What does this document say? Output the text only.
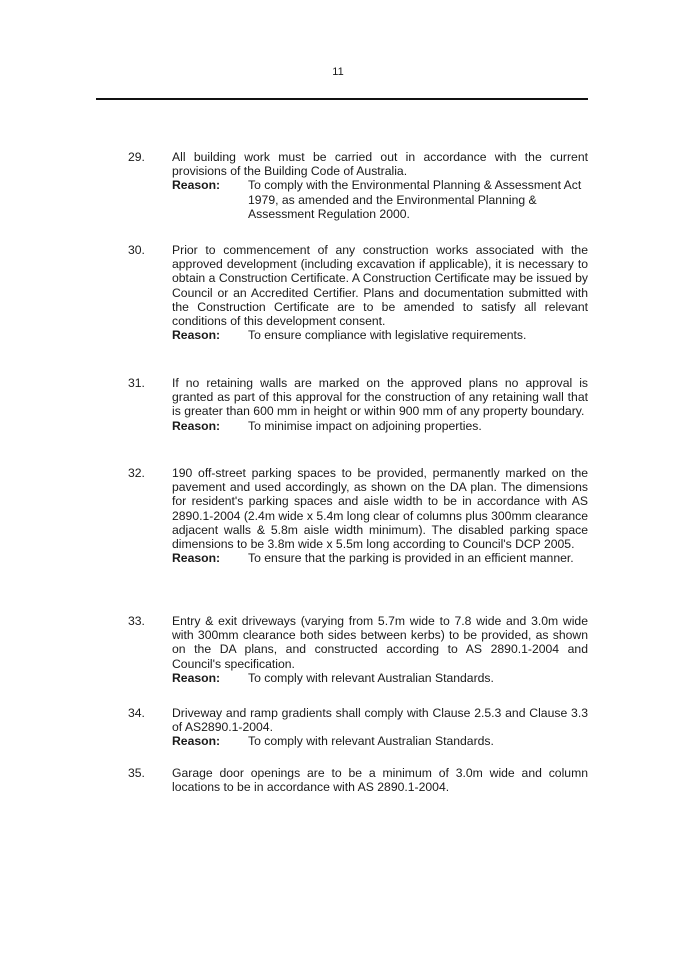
11
29.	All building work must be carried out in accordance with the current provisions of the Building Code of Australia.
Reason:	To comply with the Environmental Planning & Assessment Act 1979, as amended and the Environmental Planning & Assessment Regulation 2000.
30.	Prior to commencement of any construction works associated with the approved development (including excavation if applicable), it is necessary to obtain a Construction Certificate. A Construction Certificate may be issued by Council or an Accredited Certifier. Plans and documentation submitted with the Construction Certificate are to be amended to satisfy all relevant conditions of this development consent.
Reason:	To ensure compliance with legislative requirements.
31.	If no retaining walls are marked on the approved plans no approval is granted as part of this approval for the construction of any retaining wall that is greater than 600 mm in height or within 900 mm of any property boundary.
Reason:	To minimise impact on adjoining properties.
32.	190 off-street parking spaces to be provided, permanently marked on the pavement and used accordingly, as shown on the DA plan. The dimensions for resident's parking spaces and aisle width to be in accordance with AS 2890.1-2004 (2.4m wide x 5.4m long clear of columns plus 300mm clearance adjacent walls & 5.8m aisle width minimum). The disabled parking space dimensions to be 3.8m wide x 5.5m long according to Council's DCP 2005.
Reason:	To ensure that the parking is provided in an efficient manner.
33.	Entry & exit driveways (varying from 5.7m wide to 7.8 wide and 3.0m wide with 300mm clearance both sides between kerbs) to be provided, as shown on the DA plans, and constructed according to AS 2890.1-2004 and Council's specification.
Reason:	To comply with relevant Australian Standards.
34.	Driveway and ramp gradients shall comply with Clause 2.5.3 and Clause 3.3 of AS2890.1-2004.
Reason:	To comply with relevant Australian Standards.
35.	Garage door openings are to be a minimum of 3.0m wide and column locations to be in accordance with AS 2890.1-2004.
